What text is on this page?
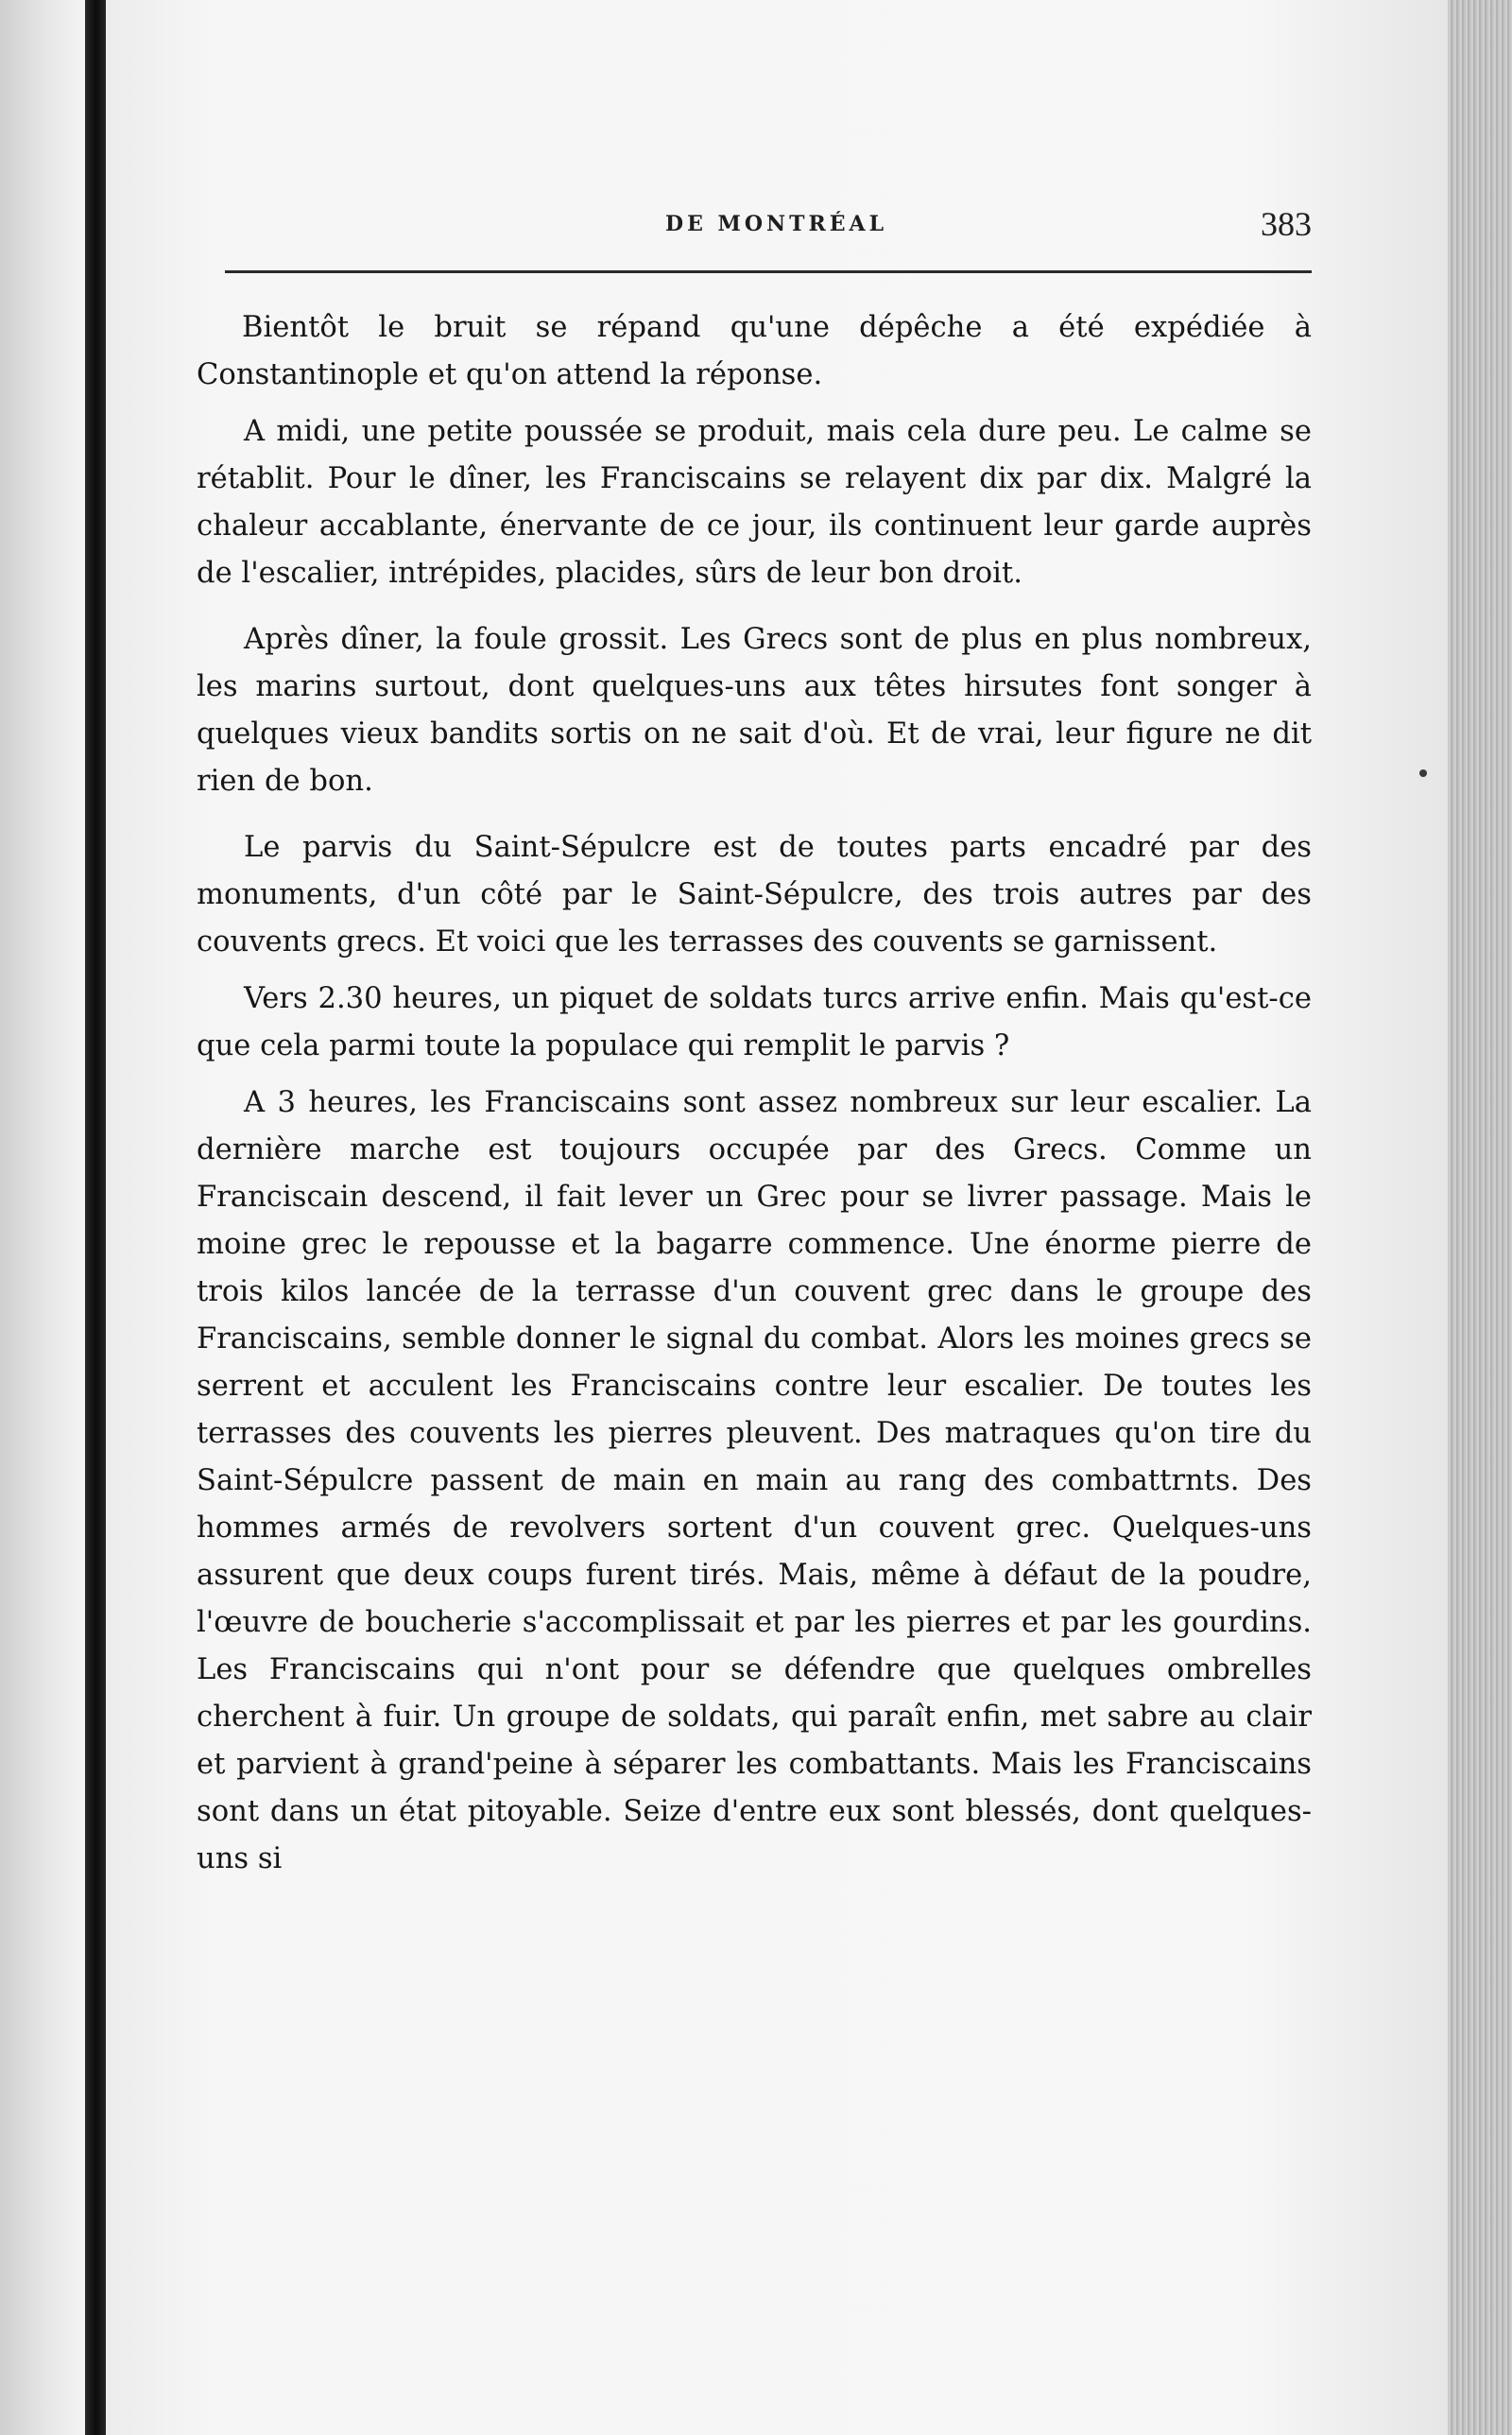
DE MONTRÉAL	383

Bientôt le bruit se répand qu'une dépêche a été expédiée à Constantinople et qu'on attend la réponse.

A midi, une petite poussée se produit, mais cela dure peu. Le calme se rétablit. Pour le dîner, les Franciscains se relayent dix par dix. Malgré la chaleur accablante, énervante de ce jour, ils continuent leur garde auprès de l'escalier, intrépides, placides, sûrs de leur bon droit.

Après dîner, la foule grossit. Les Grecs sont de plus en plus nombreux, les marins surtout, dont quelques-uns aux têtes hirsutes font songer à quelques vieux bandits sortis on ne sait d'où. Et de vrai, leur figure ne dit rien de bon.

Le parvis du Saint-Sépulcre est de toutes parts encadré par des monuments, d'un côté par le Saint-Sépulcre, des trois autres par des couvents grecs. Et voici que les terrasses des couvents se garnissent.

Vers 2.30 heures, un piquet de soldats turcs arrive enfin. Mais qu'est-ce que cela parmi toute la populace qui remplit le parvis ?

A 3 heures, les Franciscains sont assez nombreux sur leur escalier. La dernière marche est toujours occupée par des Grecs. Comme un Franciscain descend, il fait lever un Grec pour se livrer passage. Mais le moine grec le repousse et la bagarre commence. Une énorme pierre de trois kilos lancée de la terrasse d'un couvent grec dans le groupe des Franciscains, semble donner le signal du combat. Alors les moines grecs se serrent et acculent les Franciscains contre leur escalier. De toutes les terrasses des couvents les pierres pleuvent. Des matraques qu'on tire du Saint-Sépulcre passent de main en main au rang des combattrnts. Des hommes armés de revolvers sortent d'un couvent grec. Quelques-uns assurent que deux coups furent tirés. Mais, même à défaut de la poudre, l'œuvre de boucherie s'accomplissait et par les pierres et par les gourdins. Les Franciscains qui n'ont pour se défendre que quelques ombrelles cherchent à fuir. Un groupe de soldats, qui paraît enfin, met sabre au clair et parvient à grand'peine à séparer les combattants. Mais les Franciscains sont dans un état pitoyable. Seize d'entre eux sont blessés, dont quelques-uns si
